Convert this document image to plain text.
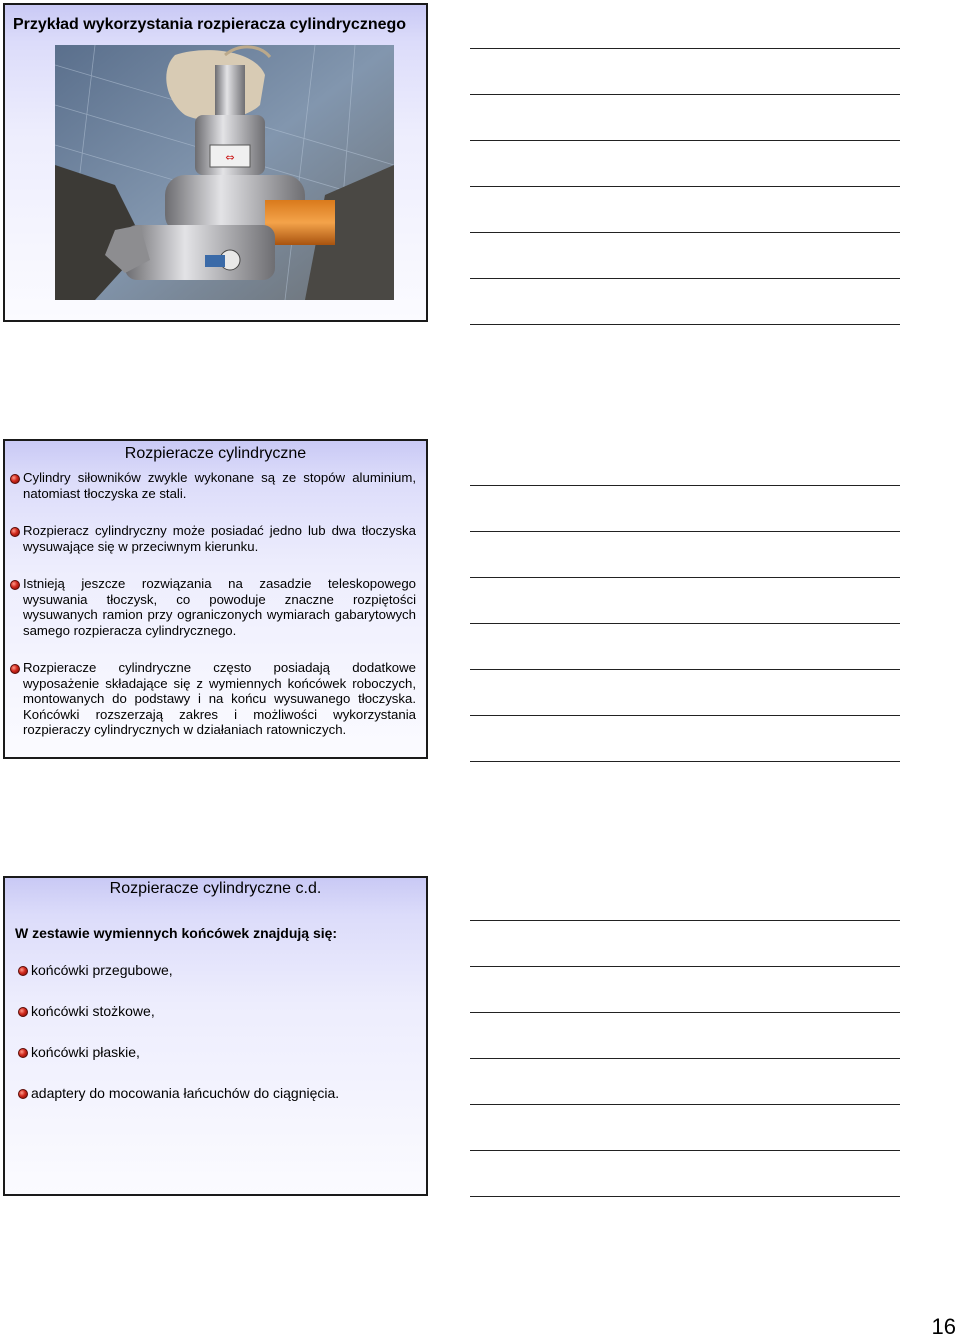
Przykład wykorzystania rozpieracza cylindrycznego
⇔
Rozpieracze cylindryczne
Cylindry siłowników zwykle wykonane są ze stopów aluminium, natomiast tłoczyska ze stali.
Rozpieracz cylindryczny może posiadać jedno lub dwa tłoczyska wysuwające się w przeciwnym kierunku.
Istnieją jeszcze rozwiązania na zasadzie teleskopowego wysuwania tłoczysk, co powoduje znaczne rozpiętości wysuwanych ramion przy ograniczonych wymiarach gabarytowych samego rozpieracza cylindrycznego.
Rozpieracze cylindryczne często posiadają dodatkowe wyposażenie składające się z wymiennych końcówek roboczych, montowanych do podstawy i na końcu wysuwanego tłoczyska. Końcówki rozszerzają zakres i możliwości wykorzystania rozpieraczy cylindrycznych w działaniach ratowniczych.
Rozpieracze cylindryczne c.d.
W zestawie wymiennych końcówek znajdują się:
końcówki przegubowe,
końcówki stożkowe,
końcówki płaskie,
adaptery do mocowania łańcuchów do ciągnięcia.
16
